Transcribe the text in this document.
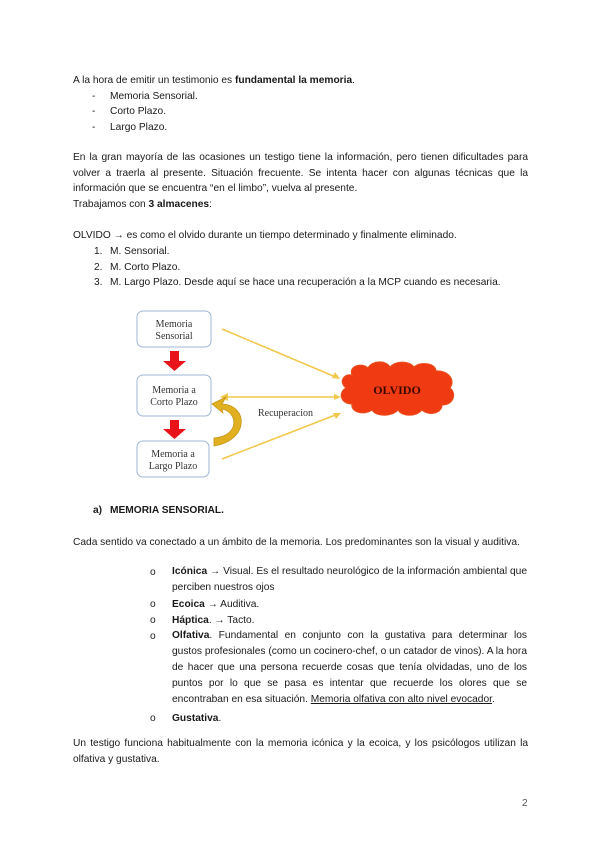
A la hora de emitir un testimonio es fundamental la memoria.
- Memoria Sensorial.
- Corto Plazo.
- Largo Plazo.
En la gran mayoría de las ocasiones un testigo tiene la información, pero tienen dificultades para volver a traerla al presente. Situación frecuente. Se intenta hacer con algunas técnicas que la información que se encuentra “en el limbo”, vuelva al presente.
Trabajamos con 3 almacenes:
OLVIDO → es como el olvido durante un tiempo determinado y finalmente eliminado.
1. M. Sensorial.
2. M. Corto Plazo.
3. M. Largo Plazo. Desde aquí se hace una recuperación a la MCP cuando es necesaria.
Memoria
Sensorial
Memoria a
Corto Plazo
Memoria a
Largo Plazo
Recuperacion
OLVIDO
a) MEMORIA SENSORIAL.
Cada sentido va conectado a un ámbito de la memoria. Los predominantes son la visual y auditiva.
o Icónica → Visual. Es el resultado neurológico de la información ambiental que perciben nuestros ojos
o Ecoica → Auditiva.
o Háptica. → Tacto.
o Olfativa. Fundamental en conjunto con la gustativa para determinar los gustos profesionales (como un cocinero-chef, o un catador de vinos). A la hora de hacer que una persona recuerde cosas que tenía olvidadas, uno de los puntos por lo que se pasa es intentar que recuerde los olores que se encontraban en esa situación. Memoria olfativa con alto nivel evocador.
o Gustativa.
Un testigo funciona habitualmente con la memoria icónica y la ecoica, y los psicólogos utilizan la olfativa y gustativa.
2
